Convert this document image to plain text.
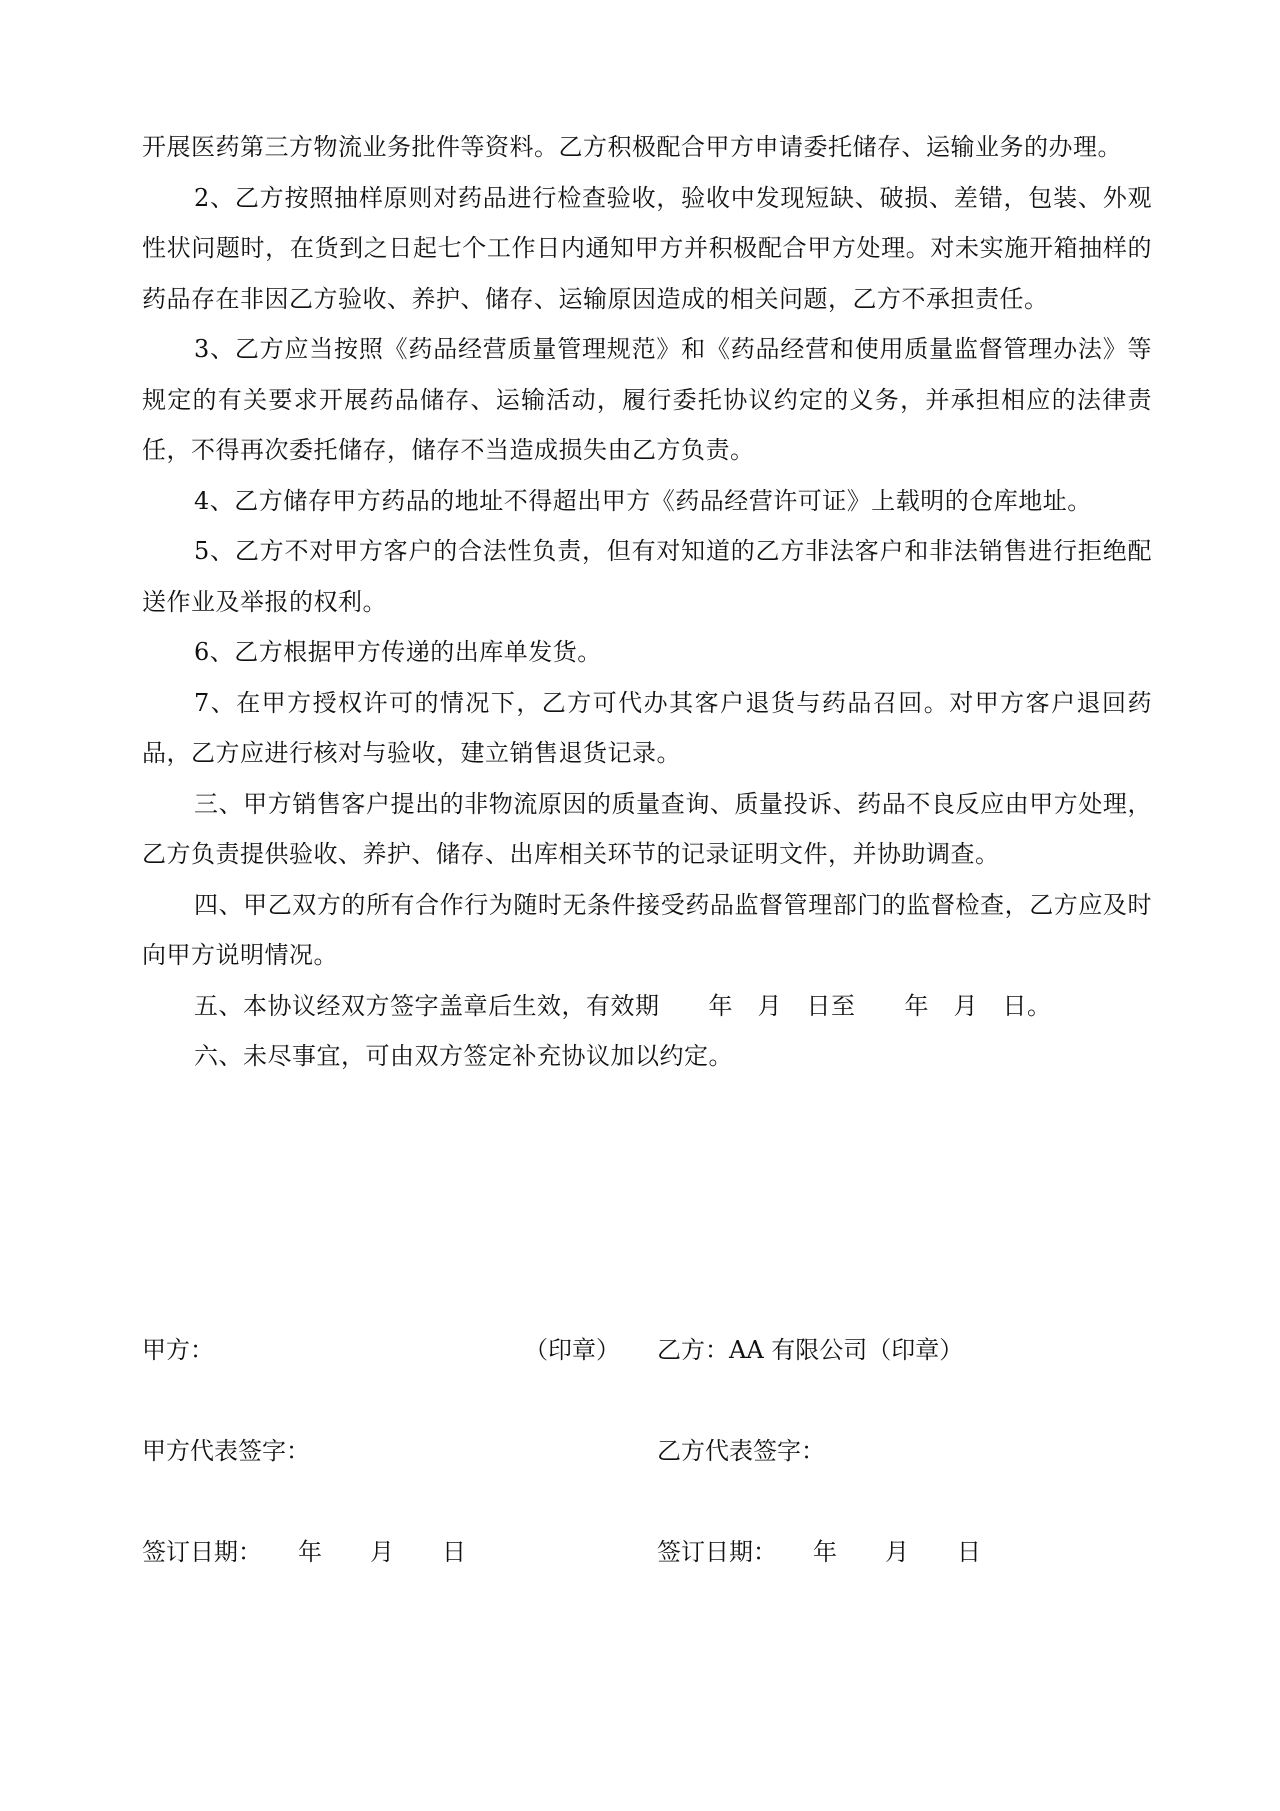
开展医药第三方物流业务批件等资料。乙方积极配合甲方申请委托储存、运输业务的办理。

2、乙方按照抽样原则对药品进行检查验收，验收中发现短缺、破损、差错，包装、外观性状问题时，在货到之日起七个工作日内通知甲方并积极配合甲方处理。对未实施开箱抽样的药品存在非因乙方验收、养护、储存、运输原因造成的相关问题，乙方不承担责任。

3、乙方应当按照《药品经营质量管理规范》和《药品经营和使用质量监督管理办法》等规定的有关要求开展药品储存、运输活动，履行委托协议约定的义务，并承担相应的法律责任，不得再次委托储存，储存不当造成损失由乙方负责。

4、乙方储存甲方药品的地址不得超出甲方《药品经营许可证》上载明的仓库地址。

5、乙方不对甲方客户的合法性负责，但有对知道的乙方非法客户和非法销售进行拒绝配送作业及举报的权利。

6、乙方根据甲方传递的出库单发货。

7、在甲方授权许可的情况下，乙方可代办其客户退货与药品召回。对甲方客户退回药品，乙方应进行核对与验收，建立销售退货记录。

三、甲方销售客户提出的非物流原因的质量查询、质量投诉、药品不良反应由甲方处理，乙方负责提供验收、养护、储存、出库相关环节的记录证明文件，并协助调查。

四、甲乙双方的所有合作行为随时无条件接受药品监督管理部门的监督检查，乙方应及时向甲方说明情况。

五、本协议经双方签字盖章后生效，有效期　　年　月　日至　　年　月　日。

六、未尽事宜，可由双方签定补充协议加以约定。

甲方：	（印章） 乙方：AA 有限公司（印章）
甲方代表签字：	乙方代表签字：
签订日期：　　年　　月　　日	签订日期：　　年　　月　　日
